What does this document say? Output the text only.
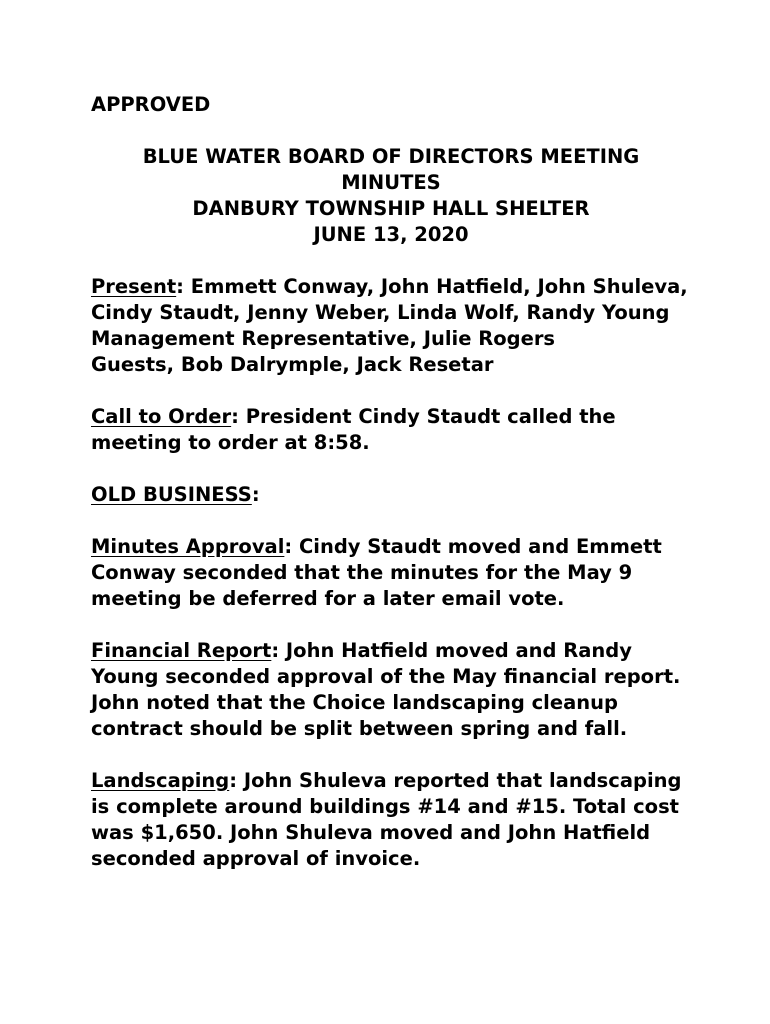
APPROVED

BLUE WATER BOARD OF DIRECTORS MEETING MINUTES
DANBURY TOWNSHIP HALL SHELTER
JUNE 13, 2020

Present: Emmett Conway, John Hatfield, John Shuleva, Cindy Staudt, Jenny Weber, Linda Wolf, Randy Young

Management Representative, Julie Rogers

Guests, Bob Dalrymple, Jack Resetar

Call to Order: President Cindy Staudt called the meeting to order at 8:58.

OLD BUSINESS:

Minutes Approval: Cindy Staudt moved and Emmett Conway seconded that the minutes for the May 9 meeting be deferred for a later email vote.

Financial Report: John Hatfield moved and Randy Young seconded approval of the May financial report. John noted that the Choice landscaping cleanup contract should be split between spring and fall.

Landscaping: John Shuleva reported that landscaping is complete around buildings #14 and #15. Total cost was $1,650. John Shuleva moved and John Hatfield seconded approval of invoice.
